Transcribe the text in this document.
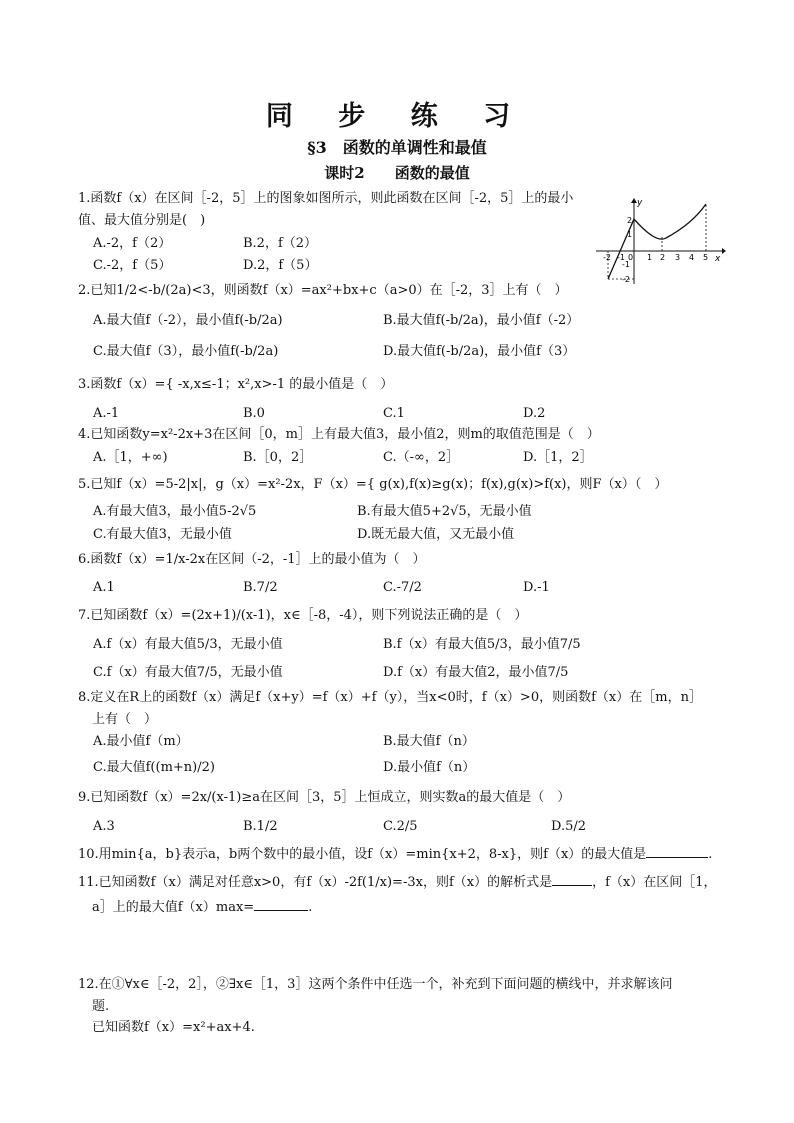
同 步 练 习
§3　函数的单调性和最值
课时2　　函数的最值
1.函数f（x）在区间［-2，5］上的图象如图所示，则此函数在区间［-2，5］上的最小
值、最大值分别是(　)
A.-2，f（2）	B.2，f（2）
C.-2，f（5）	D.2，f（5）
y
x
-2 -1 0 1 2 3 4 5
2
1
-1
-2
2.已知1/2<-b/(2a)<3，则函数f（x）=ax²+bx+c（a>0）在［-2，3］上有（　）
A.最大值f（-2），最小值f(-b/2a)	B.最大值f(-b/2a)，最小值f（-2）
C.最大值f（3），最小值f(-b/2a)	D.最大值f(-b/2a)，最小值f（3）
3.函数f（x）={ -x,x≤-1；x²,x>-1 的最小值是（　）
A.-1	B.0	C.1	D.2
4.已知函数y=x²-2x+3在区间［0，m］上有最大值3，最小值2，则m的取值范围是（　）
A.［1，+∞)	B.［0，2］	C.（-∞，2］	D.［1，2］
5.已知f（x）=5-2|x|，g（x）=x²-2x，F（x）={ g(x),f(x)≥g(x)；f(x),g(x)>f(x)，则F（x）（　）
A.有最大值3，最小值5-2√5	B.有最大值5+2√5，无最小值
C.有最大值3，无最小值	D.既无最大值，又无最小值
6.函数f（x）=1/x-2x在区间（-2，-1］上的最小值为（　）
A.1	B.7/2	C.-7/2	D.-1
7.已知函数f（x）=(2x+1)/(x-1)，x∈［-8，-4），则下列说法正确的是（　）
A.f（x）有最大值5/3，无最小值	B.f（x）有最大值5/3，最小值7/5
C.f（x）有最大值7/5，无最小值	D.f（x）有最大值2，最小值7/5
8.定义在R上的函数f（x）满足f（x+y）=f（x）+f（y），当x<0时，f（x）>0，则函数f（x）在［m，n］
上有（　）
A.最小值f（m）	B.最大值f（n）
C.最大值f((m+n)/2)	D.最小值f（n）
9.已知函数f（x）=2x/(x-1)≥a在区间［3，5］上恒成立，则实数a的最大值是（　）
A.3	B.1/2	C.2/5	D.5/2
10.用min{a，b}表示a，b两个数中的最小值，设f（x）=min{x+2，8-x}，则f（x）的最大值是	.
11.已知函数f（x）满足对任意x>0，有f（x）-2f(1/x)=-3x，则f（x）的解析式是	，f（x）在区间［1，
a］上的最大值f（x）max=	.
12.在①∀x∈［-2，2］，②∃x∈［1，3］这两个条件中任选一个，补充到下面问题的横线中，并求解该问
题.
已知函数f（x）=x²+ax+4.
